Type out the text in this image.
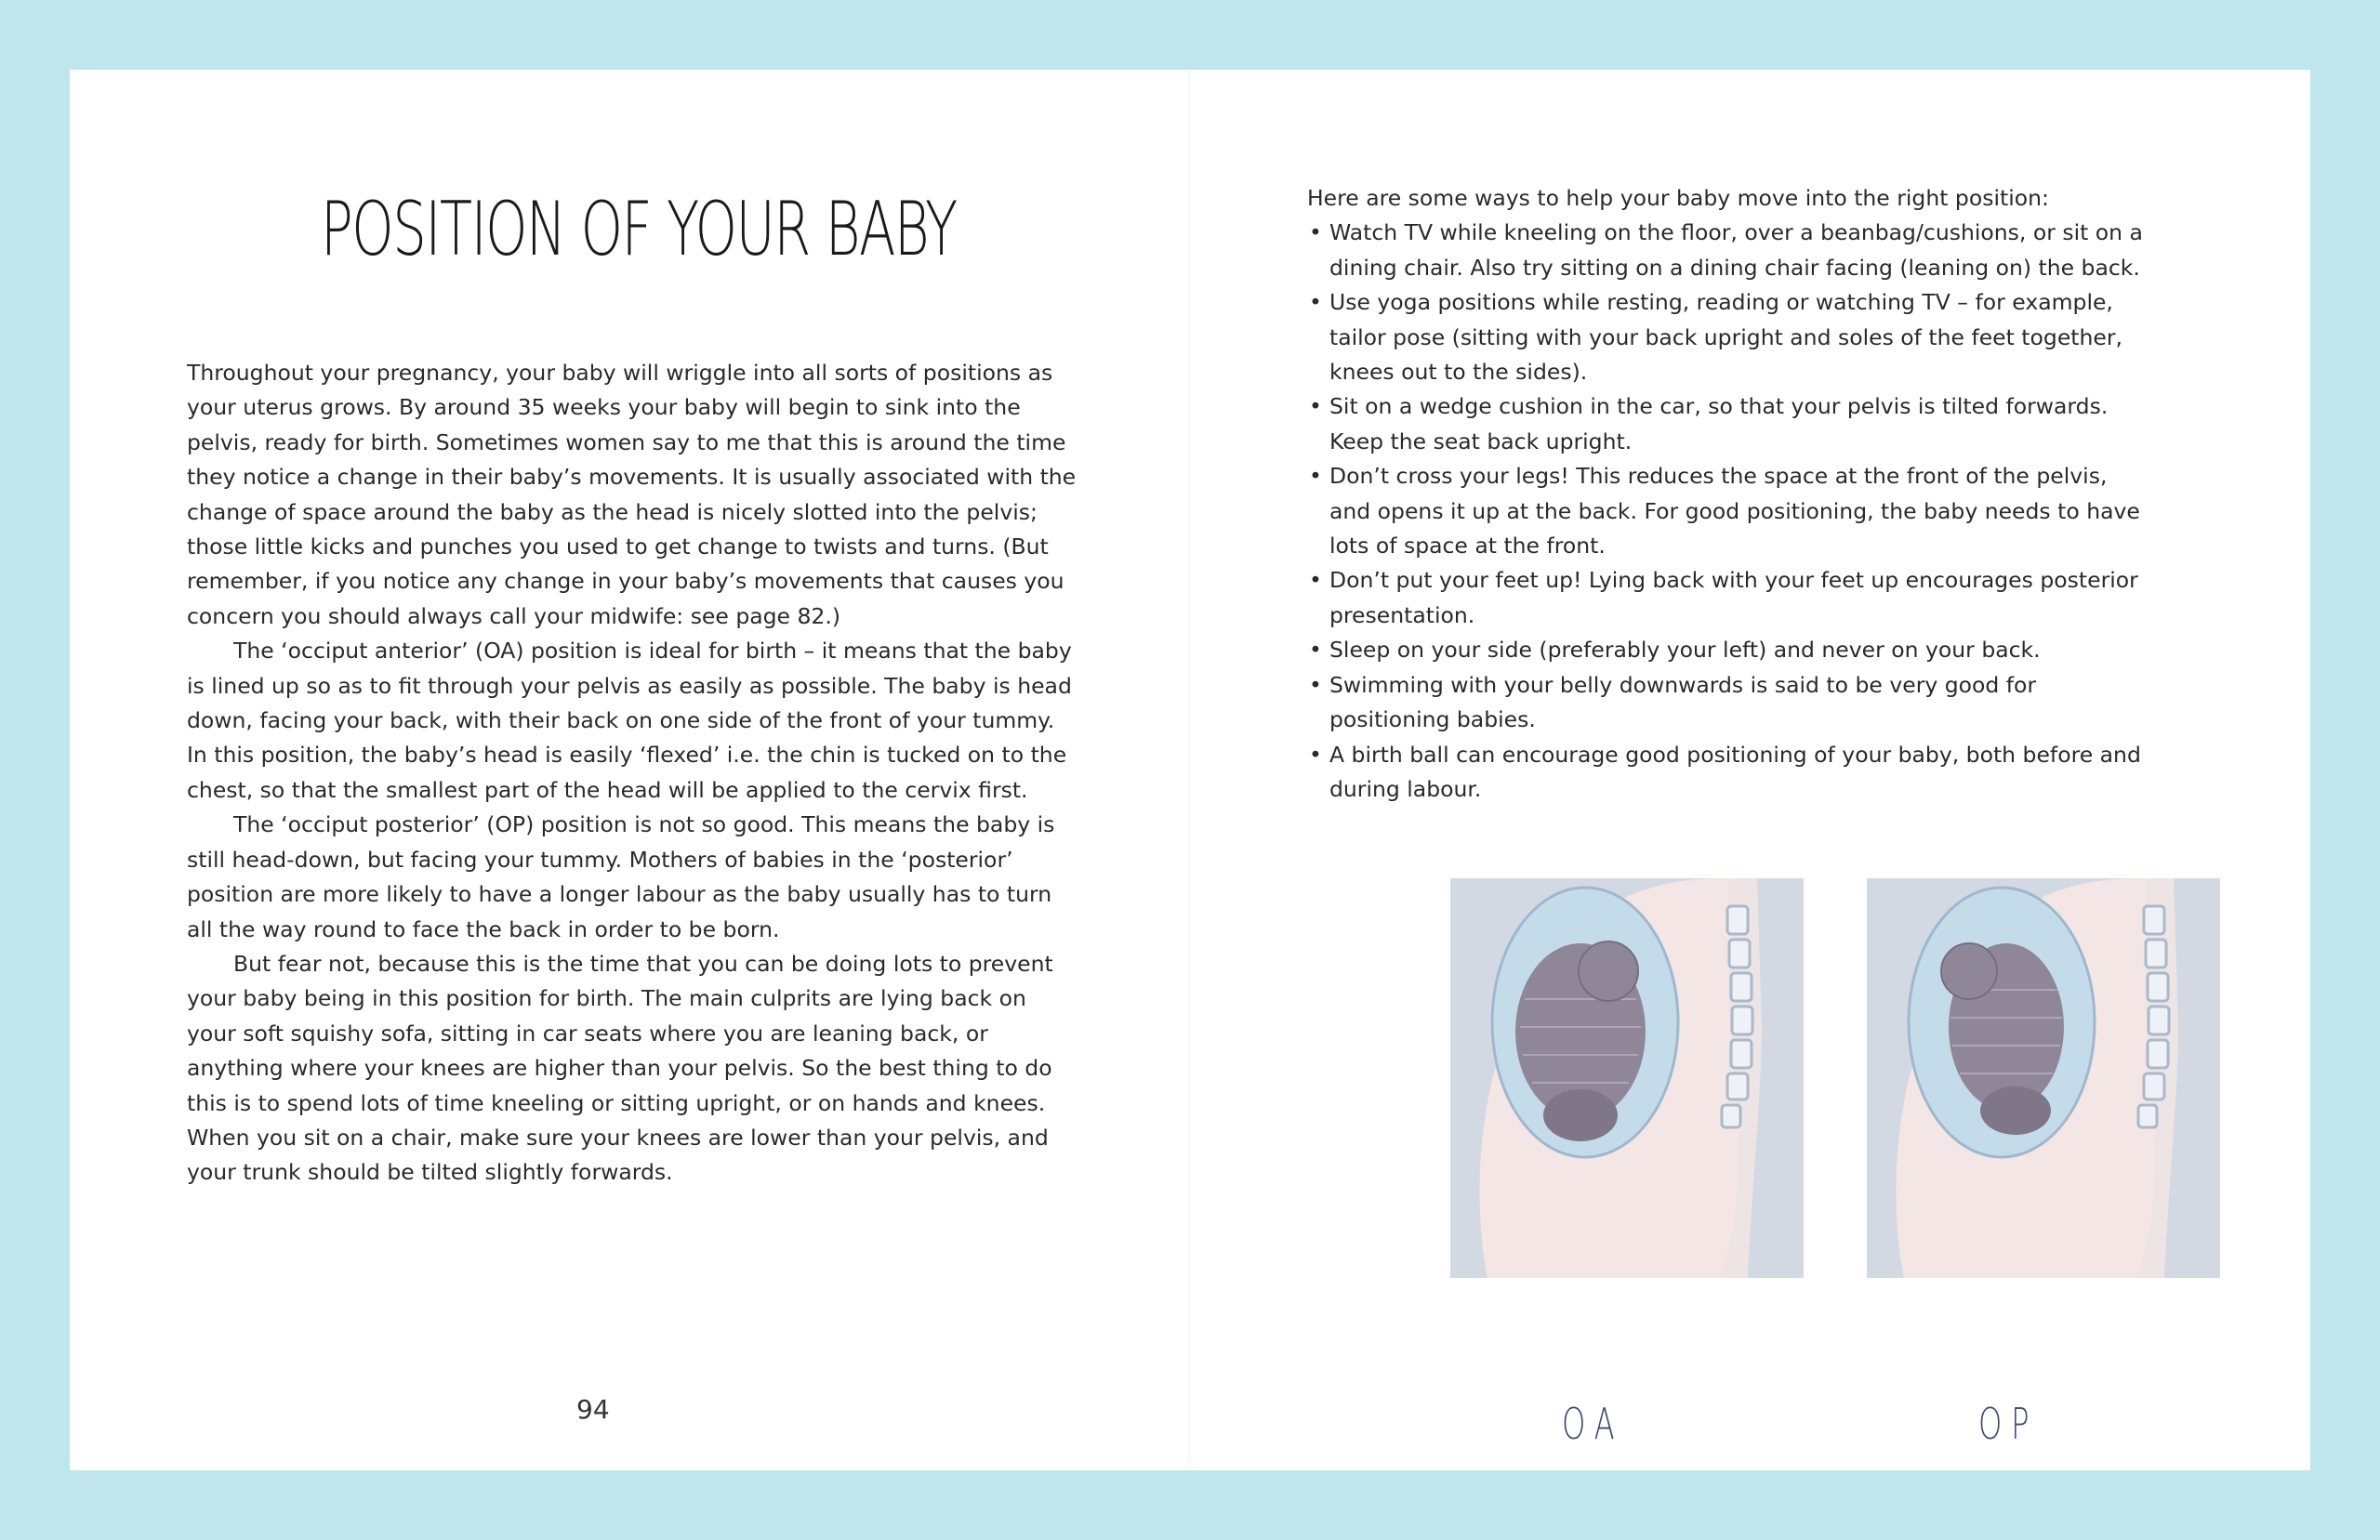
POSITION OF YOUR BABY

Throughout your pregnancy, your baby will wriggle into all sorts of positions as your uterus grows. By around 35 weeks your baby will begin to sink into the pelvis, ready for birth. Sometimes women say to me that this is around the time they notice a change in their baby’s movements. It is usually associated with the change of space around the baby as the head is nicely slotted into the pelvis; those little kicks and punches you used to get change to twists and turns. (But remember, if you notice any change in your baby’s movements that causes you concern you should always call your midwife: see page 82.)

The ‘occiput anterior’ (OA) position is ideal for birth – it means that the baby is lined up so as to fit through your pelvis as easily as possible. The baby is head down, facing your back, with their back on one side of the front of your tummy. In this position, the baby’s head is easily ‘flexed’ i.e. the chin is tucked on to the chest, so that the smallest part of the head will be applied to the cervix first.

The ‘occiput posterior’ (OP) position is not so good. This means the baby is still head-down, but facing your tummy. Mothers of babies in the ‘posterior’ position are more likely to have a longer labour as the baby usually has to turn all the way round to face the back in order to be born.

But fear not, because this is the time that you can be doing lots to prevent your baby being in this position for birth. The main culprits are lying back on your soft squishy sofa, sitting in car seats where you are leaning back, or anything where your knees are higher than your pelvis. So the best thing to do this is to spend lots of time kneeling or sitting upright, or on hands and knees. When you sit on a chair, make sure your knees are lower than your pelvis, and your trunk should be tilted slightly forwards.

94

Here are some ways to help your baby move into the right position:

• Watch TV while kneeling on the floor, over a beanbag/cushions, or sit on a dining chair. Also try sitting on a dining chair facing (leaning on) the back.
• Use yoga positions while resting, reading or watching TV – for example, tailor pose (sitting with your back upright and soles of the feet together, knees out to the sides).
• Sit on a wedge cushion in the car, so that your pelvis is tilted forwards. Keep the seat back upright.
• Don’t cross your legs! This reduces the space at the front of the pelvis, and opens it up at the back. For good positioning, the baby needs to have lots of space at the front.
• Don’t put your feet up! Lying back with your feet up encourages posterior presentation.
• Sleep on your side (preferably your left) and never on your back.
• Swimming with your belly downwards is said to be very good for positioning babies.
• A birth ball can encourage good positioning of your baby, both before and during labour.
OA	OP
